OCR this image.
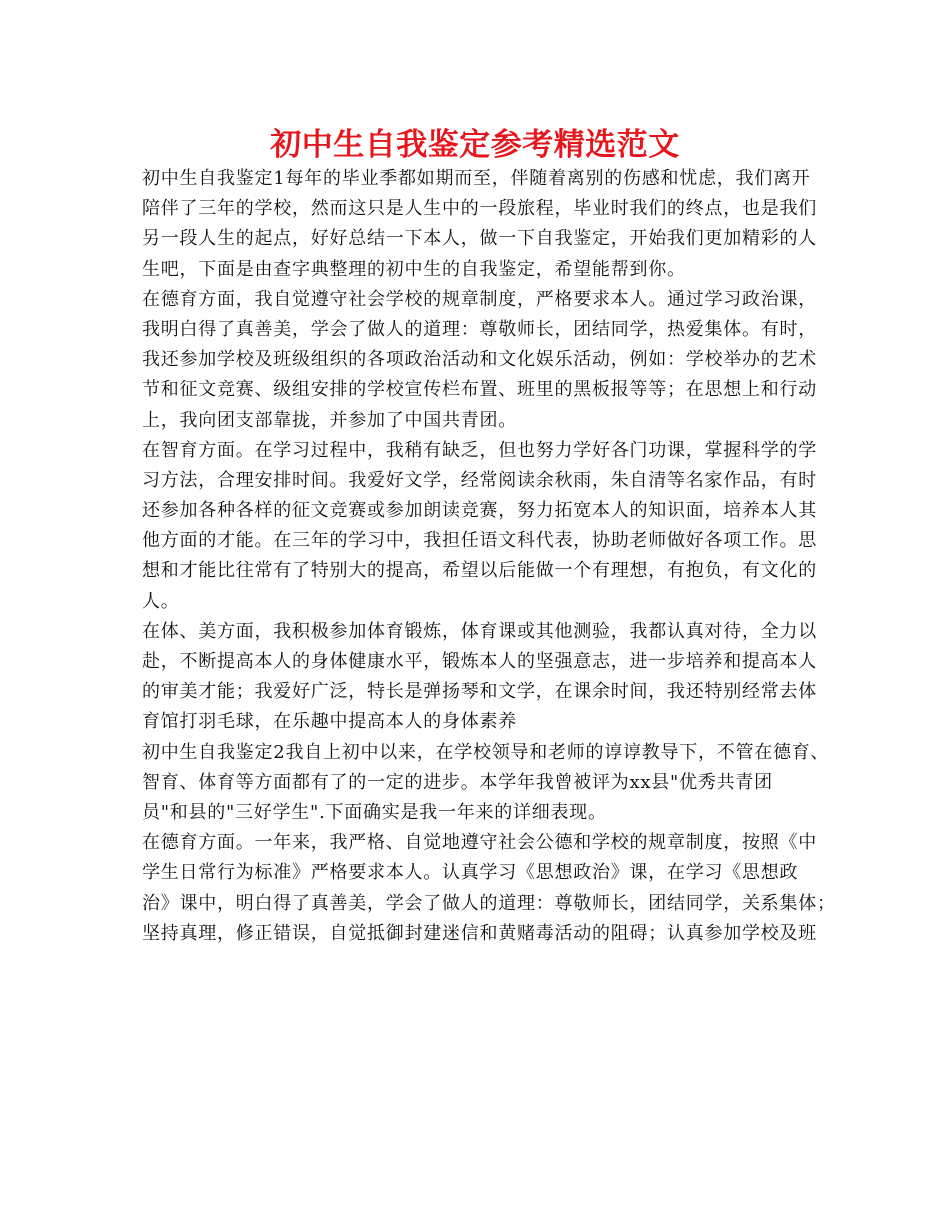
初中生自我鉴定参考精选范文
初中生自我鉴定1每年的毕业季都如期而至，伴随着离别的伤感和忧虑，我们离开
陪伴了三年的学校，然而这只是人生中的一段旅程，毕业时我们的终点，也是我们
另一段人生的起点，好好总结一下本人，做一下自我鉴定，开始我们更加精彩的人
生吧，下面是由查字典整理的初中生的自我鉴定，希望能帮到你。
在德育方面，我自觉遵守社会学校的规章制度，严格要求本人。通过学习政治课，
我明白得了真善美，学会了做人的道理：尊敬师长，团结同学，热爱集体。有时，
我还参加学校及班级组织的各项政治活动和文化娱乐活动，例如：学校举办的艺术
节和征文竞赛、级组安排的学校宣传栏布置、班里的黑板报等等；在思想上和行动
上，我向团支部靠拢，并参加了中国共青团。
在智育方面。在学习过程中，我稍有缺乏，但也努力学好各门功课，掌握科学的学
习方法，合理安排时间。我爱好文学，经常阅读余秋雨，朱自清等名家作品，有时
还参加各种各样的征文竞赛或参加朗读竞赛，努力拓宽本人的知识面，培养本人其
他方面的才能。在三年的学习中，我担任语文科代表，协助老师做好各项工作。思
想和才能比往常有了特别大的提高，希望以后能做一个有理想，有抱负，有文化的
人。
在体、美方面，我积极参加体育锻炼，体育课或其他测验，我都认真对待，全力以
赴，不断提高本人的身体健康水平，锻炼本人的坚强意志，进一步培养和提高本人
的审美才能；我爱好广泛，特长是弹扬琴和文学，在课余时间，我还特别经常去体
育馆打羽毛球，在乐趣中提高本人的身体素养
初中生自我鉴定2我自上初中以来，在学校领导和老师的谆谆教导下，不管在德育、
智育、体育等方面都有了的一定的进步。本学年我曾被评为xx县"优秀共青团
员"和县的"三好学生".下面确实是我一年来的详细表现。
在德育方面。一年来，我严格、自觉地遵守社会公德和学校的规章制度，按照《中
学生日常行为标准》严格要求本人。认真学习《思想政治》课，在学习《思想政
治》课中，明白得了真善美，学会了做人的道理：尊敬师长，团结同学，关系集体；
坚持真理，修正错误，自觉抵御封建迷信和黄赌毒活动的阻碍；认真参加学校及班
